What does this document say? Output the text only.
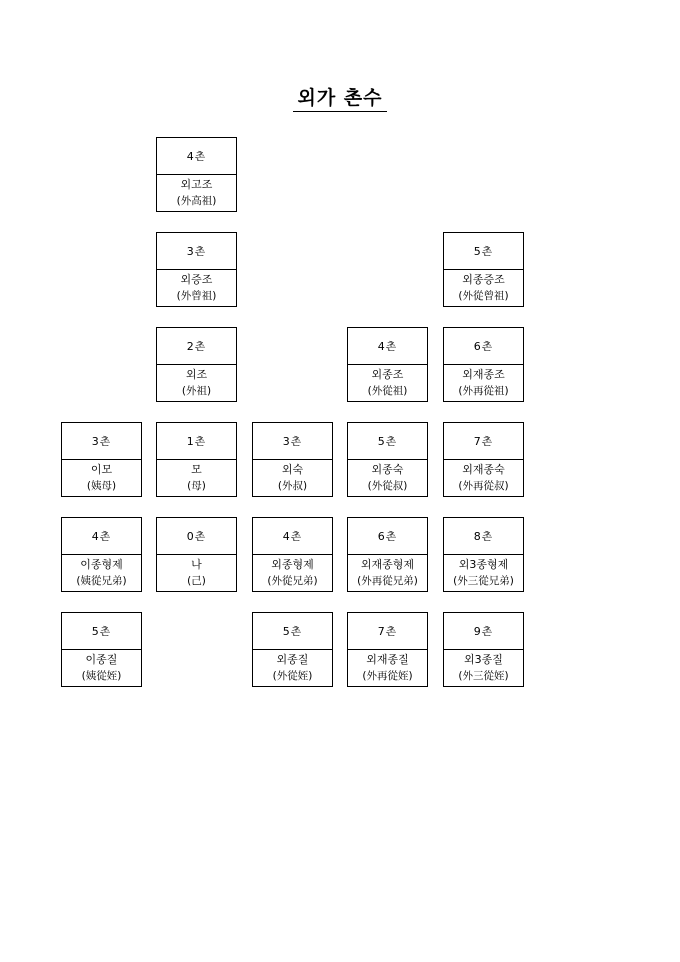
외가 촌수
4촌
외고조
(外高祖)
3촌
외증조
(外曾祖)
5촌
외종증조
(外從曾祖)
2촌
외조
(外祖)
4촌
외종조
(外從祖)
6촌
외재종조
(外再從祖)
3촌
이모
(姨母)
1촌
모
(母)
3촌
외숙
(外叔)
5촌
외종숙
(外從叔)
7촌
외재종숙
(外再從叔)
4촌
이종형제
(姨從兄弟)
0촌
나
(己)
4촌
외종형제
(外從兄弟)
6촌
외재종형제
(外再從兄弟)
8촌
외3종형제
(外三從兄弟)
5촌
이종질
(姨從姪)
5촌
외종질
(外從姪)
7촌
외재종질
(外再從姪)
9촌
외3종질
(外三從姪)
